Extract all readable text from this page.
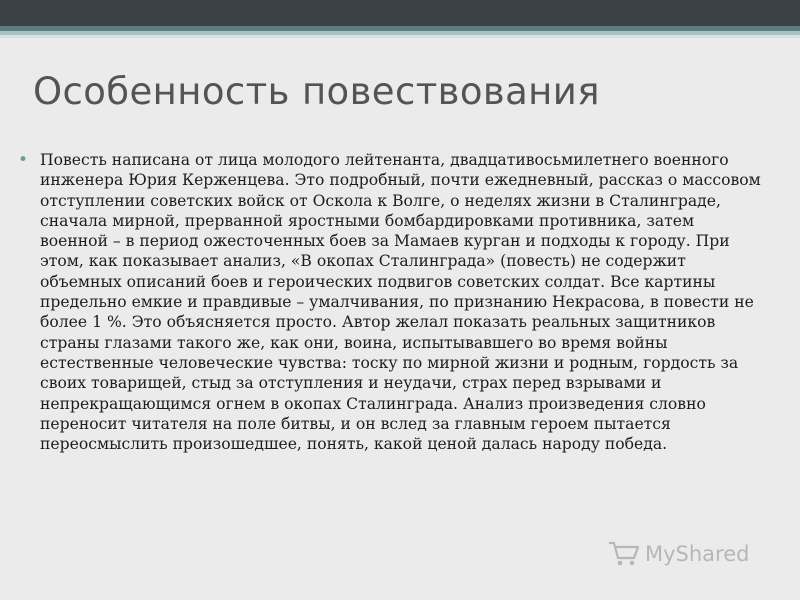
Особенность повествования
• Повесть написана от лица молодого лейтенанта, двадцативосьмилетнего военного инженера Юрия Керженцева. Это подробный, почти ежедневный, рассказ о массовом отступлении советских войск от Оскола к Волге, о неделях жизни в Сталинграде, сначала мирной, прерванной яростными бомбардировками противника, затем военной – в период ожесточенных боев за Мамаев курган и подходы к городу. При этом, как показывает анализ, «В окопах Сталинграда» (повесть) не содержит объемных описаний боев и героических подвигов советских солдат. Все картины предельно емкие и правдивые – умалчивания, по признанию Некрасова, в повести не более 1 %. Это объясняется просто. Автор желал показать реальных защитников страны глазами такого же, как они, воина, испытывавшего во время войны естественные человеческие чувства: тоску по мирной жизни и родным, гордость за своих товарищей, стыд за отступления и неудачи, страх перед взрывами и непрекращающимся огнем в окопах Сталинграда. Анализ произведения словно переносит читателя на поле битвы, и он вслед за главным героем пытается переосмыслить произошедшее, понять, какой ценой далась народу победа.

MyShared
